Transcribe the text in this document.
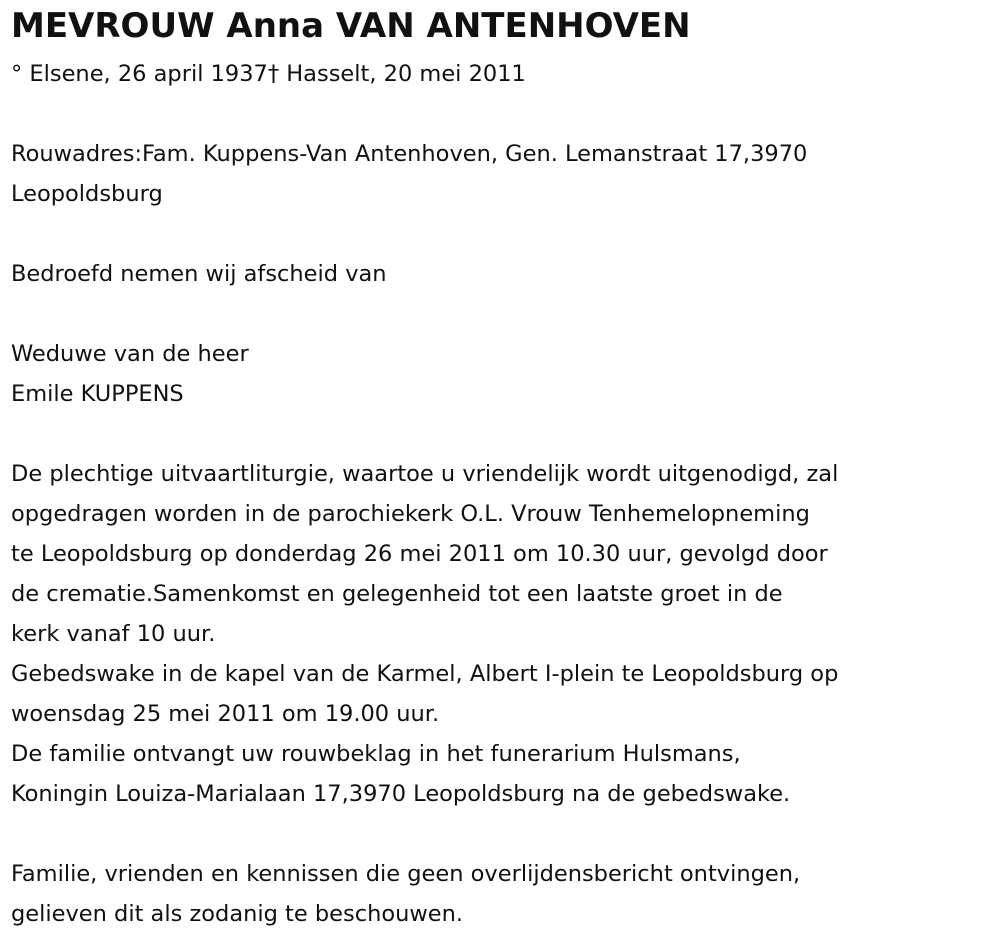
MEVROUW Anna VAN ANTENHOVEN

° Elsene, 26 april 1937† Hasselt, 20 mei 2011

Rouwadres:Fam. Kuppens-Van Antenhoven, Gen. Lemanstraat 17,3970
Leopoldsburg

Bedroefd nemen wij afscheid van

Weduwe van de heer
Emile KUPPENS
De plechtige uitvaartliturgie, waartoe u vriendelijk wordt uitgenodigd, zal
opgedragen worden in de parochiekerk O.L. Vrouw Tenhemelopneming
te Leopoldsburg op donderdag 26 mei 2011 om 10.30 uur, gevolgd door
de crematie.Samenkomst en gelegenheid tot een laatste groet in de
kerk vanaf 10 uur.
Gebedswake in de kapel van de Karmel, Albert I-plein te Leopoldsburg op
woensdag 25 mei 2011 om 19.00 uur.
De familie ontvangt uw rouwbeklag in het funerarium Hulsmans,
Koningin Louiza-Marialaan 17,3970 Leopoldsburg na de gebedswake.
Familie, vrienden en kennissen die geen overlijdensbericht ontvingen,
gelieven dit als zodanig te beschouwen.
